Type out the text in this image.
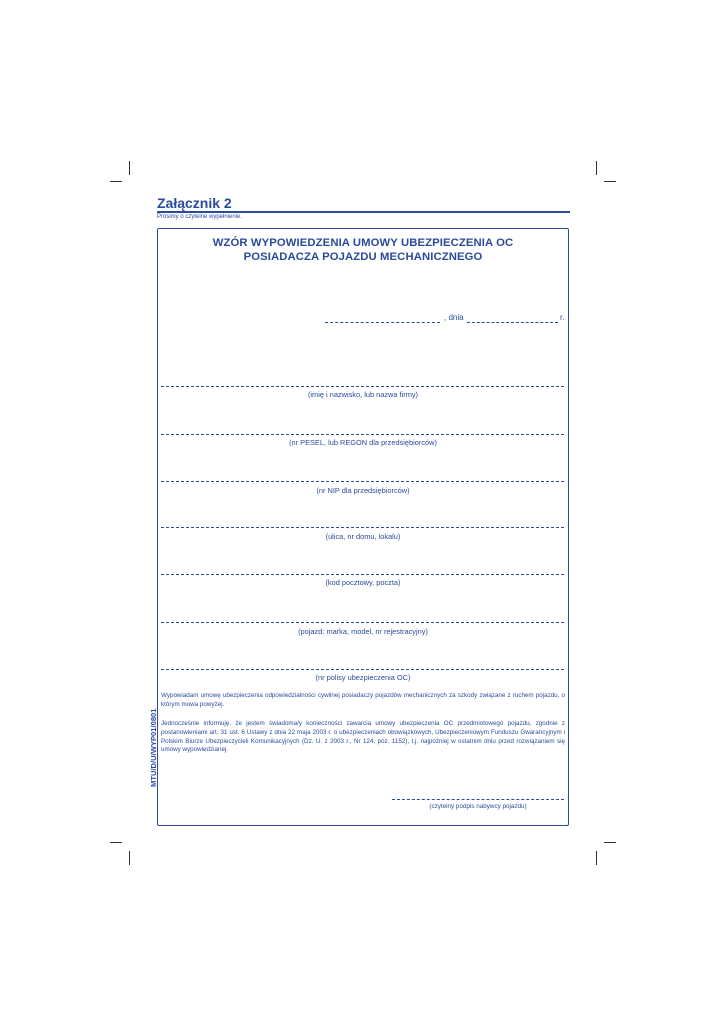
Załącznik 2
Prosimy o czytelne wypełnienie.
WZÓR WYPOWIEDZENIA UMOWY UBEZPIECZENIA OC
POSIADACZA POJAZDU MECHANICZNEGO
, dnia	r.
(imię i nazwisko, lub nazwa firmy)
(nr PESEL, lub REGON dla przedsiębiorców)
(nr NIP dla przedsiębiorców)
(ulica, nr domu, lokalu)
(kod pocztowy, poczta)
(pojazd: marka, model, nr rejestracyjny)
(nr polisy ubezpieczenia OC)

Wypowiadam umowę ubezpieczenia odpowiedzialności cywilnej posiadaczy pojazdów mechanicznych za szkody związane z ruchem pojazdu, o którym mowa powyżej.

Jednocześnie informuję, że jestem świadoma/y konieczności zawarcia umowy ubezpieczenia OC przedmiotowego pojazdu, zgodnie z postanowieniami art. 31 ust. 6 Ustawy z dnia 22 maja 2003 r. o ubezpieczeniach obowiązkowych, Ubezpieczeniowym Funduszu Gwarancyjnym i Polskim Biurze Ubezpieczycieli Komunikacyjnych (Dz. U. z 2003 r., Nr 124, poz. 1152), t.j. najpóźniej w ostatnim dniu przed rozwiązaniem się umowy wypowiedzianej.

(czytelny podpis nabywcy pojazdu)
MTU/D/U/WYP01/0801
